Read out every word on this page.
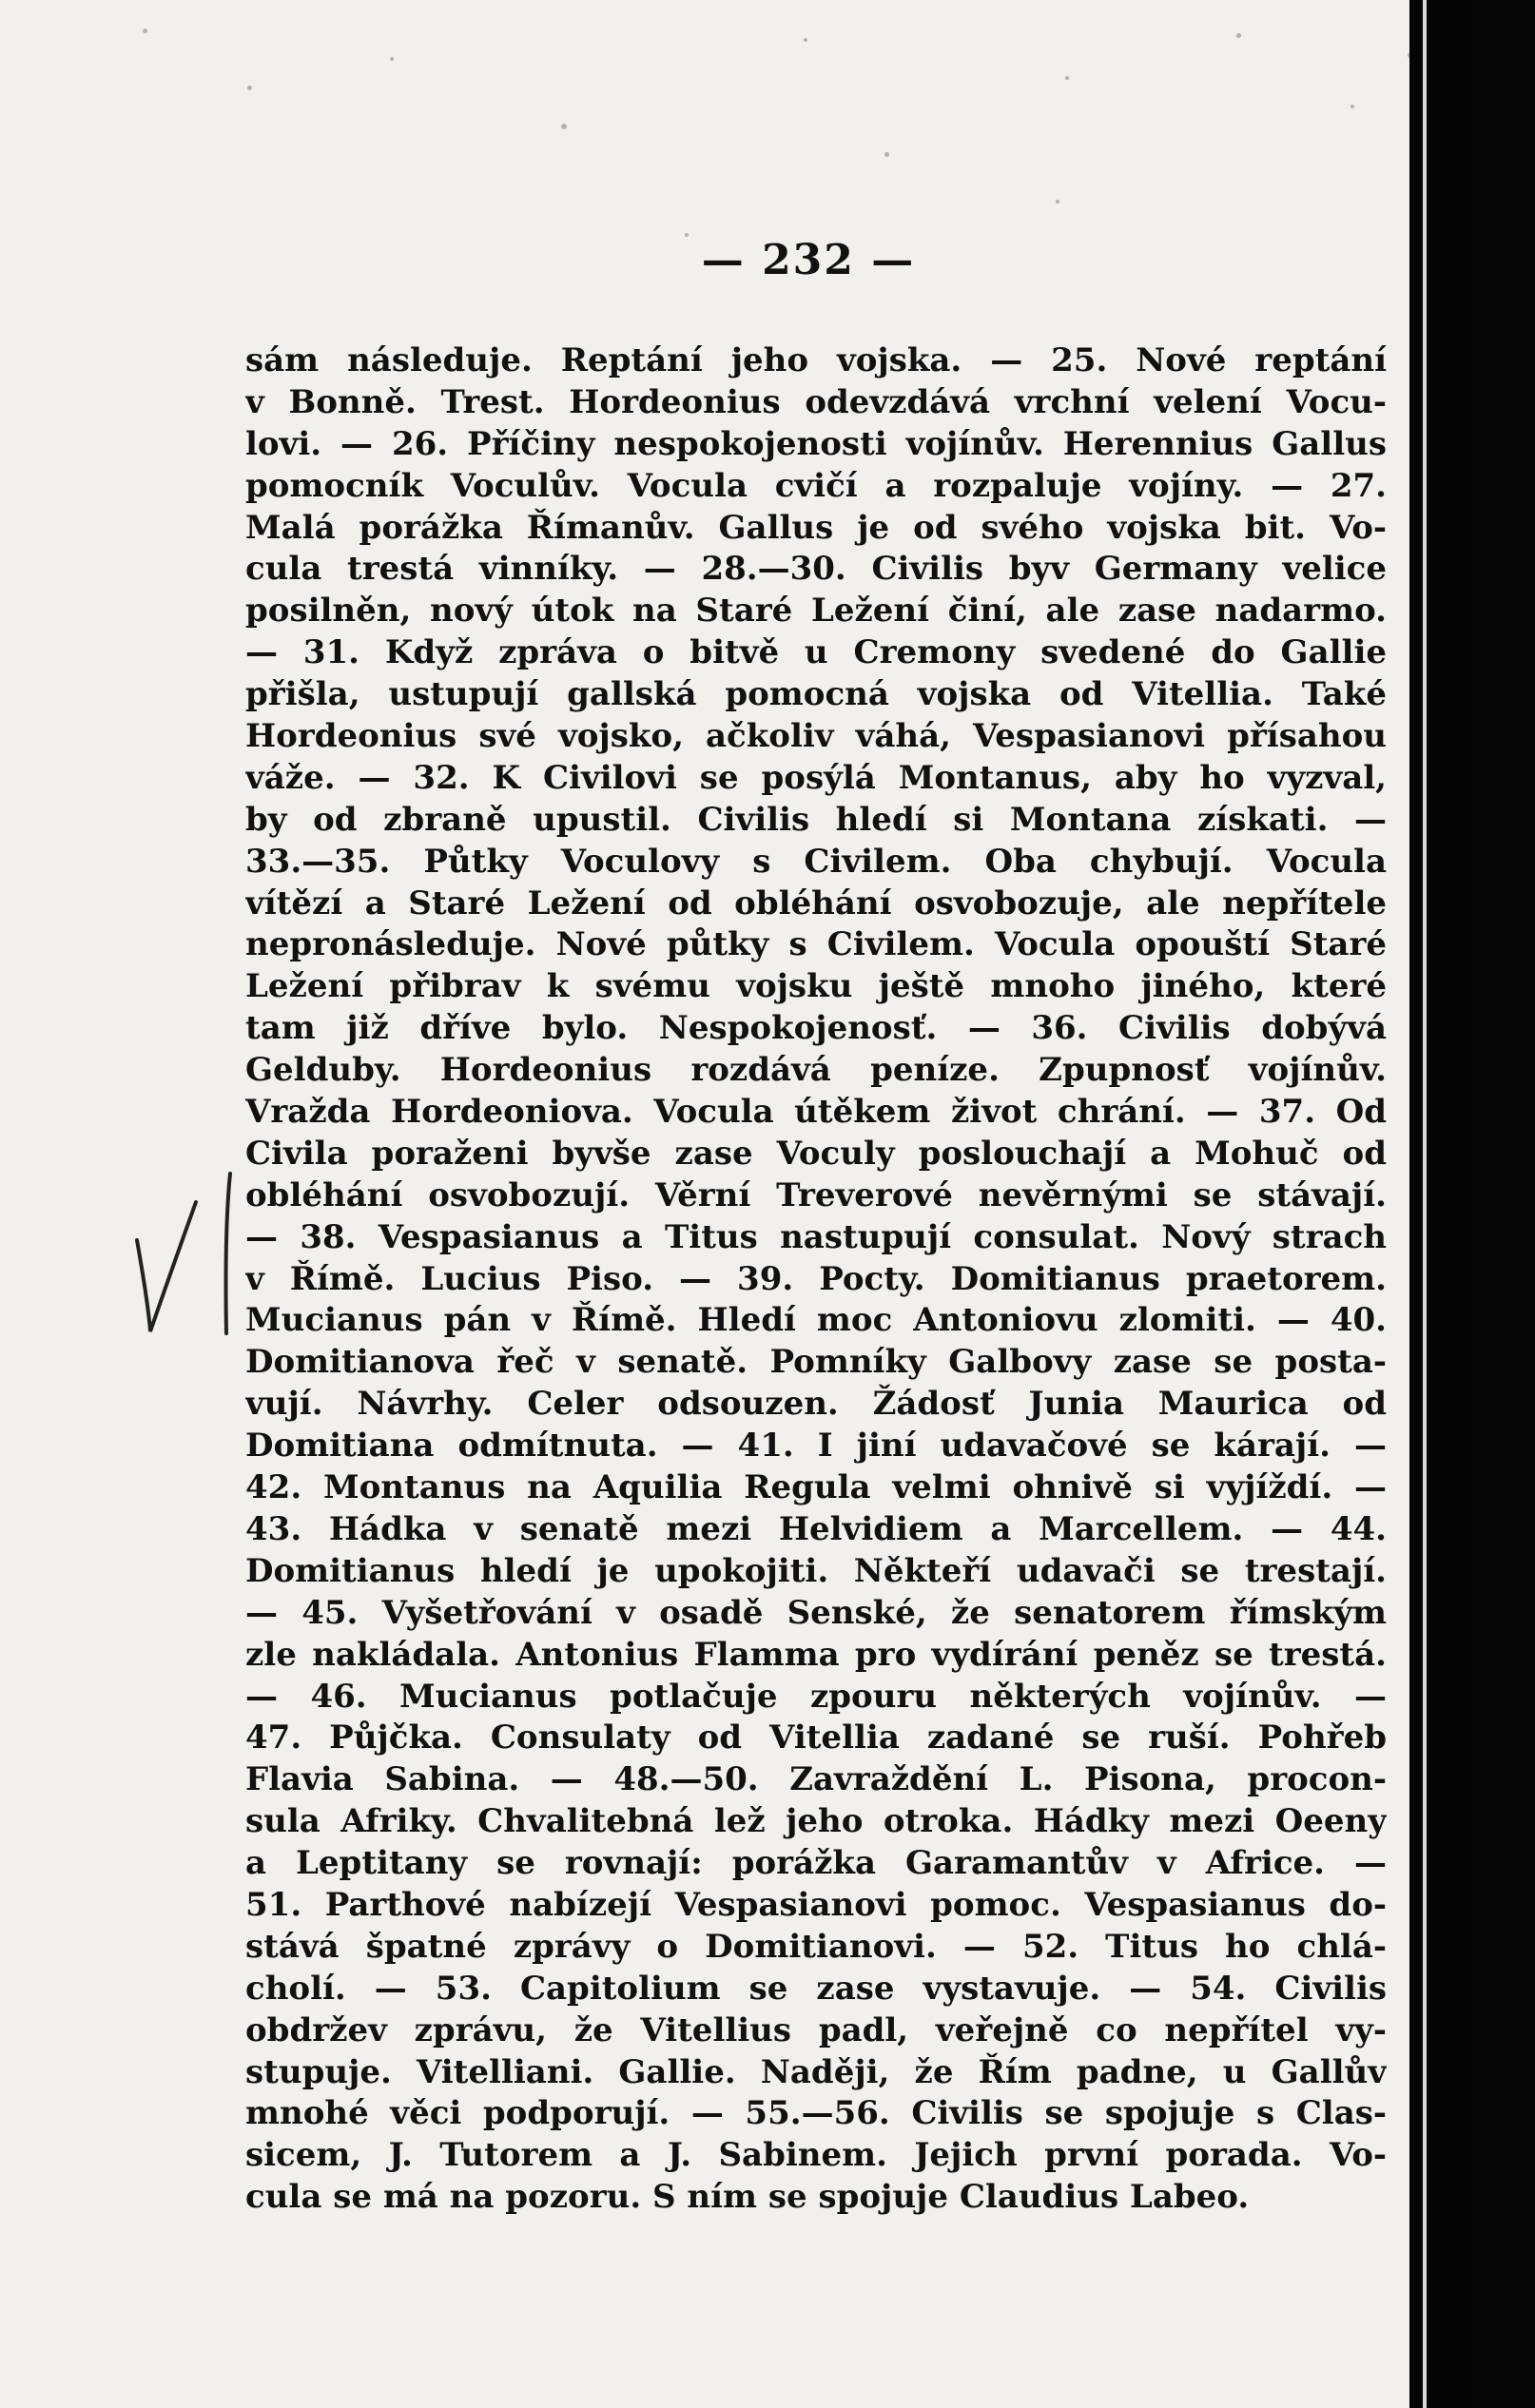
— 232 —
sám následuje. Reptání jeho vojska. — 25. Nové reptání
v Bonně. Trest. Hordeonius odevzdává vrchní velení Vocu-
lovi. — 26. Příčiny nespokojenosti vojínův. Herennius Gallus
pomocník Voculův. Vocula cvičí a rozpaluje vojíny. — 27.
Malá porážka Římanův. Gallus je od svého vojska bit. Vo-
cula trestá vinníky. — 28.—30. Civilis byv Germany velice
posilněn, nový útok na Staré Ležení činí, ale zase nadarmo.
— 31. Když zpráva o bitvě u Cremony svedené do Gallie
přišla, ustupují gallská pomocná vojska od Vitellia. Také
Hordeonius své vojsko, ačkoliv váhá, Vespasianovi přísahou
váže. — 32. K Civilovi se posýlá Montanus, aby ho vyzval,
by od zbraně upustil. Civilis hledí si Montana získati. —
33.—35. Půtky Voculovy s Civilem. Oba chybují. Vocula
vítězí a Staré Ležení od obléhání osvobozuje, ale nepřítele
nepronásleduje. Nové půtky s Civilem. Vocula opouští Staré
Ležení přibrav k svému vojsku ještě mnoho jiného, které
tam již dříve bylo. Nespokojenosť. — 36. Civilis dobývá
Gelduby. Hordeonius rozdává peníze. Zpupnosť vojínův.
Vražda Hordeoniova. Vocula útěkem život chrání. — 37. Od
Civila poraženi byvše zase Voculy poslouchají a Mohuč od
obléhání osvobozují. Věrní Treverové nevěrnými se stávají.
— 38. Vespasianus a Titus nastupují consulat. Nový strach
v Římě. Lucius Piso. — 39. Pocty. Domitianus praetorem.
Mucianus pán v Římě. Hledí moc Antoniovu zlomiti. — 40.
Domitianova řeč v senatě. Pomníky Galbovy zase se posta-
vují. Návrhy. Celer odsouzen. Žádosť Junia Maurica od
Domitiana odmítnuta. — 41. I jiní udavačové se kárají. —
42. Montanus na Aquilia Regula velmi ohnivě si vyjíždí. —
43. Hádka v senatě mezi Helvidiem a Marcellem. — 44.
Domitianus hledí je upokojiti. Někteří udavači se trestají.
— 45. Vyšetřování v osadě Senské, že senatorem římským
zle nakládala. Antonius Flamma pro vydírání peněz se trestá.
— 46. Mucianus potlačuje zpouru některých vojínův. —
47. Půjčka. Consulaty od Vitellia zadané se ruší. Pohřeb
Flavia Sabina. — 48.—50. Zavraždění L. Pisona, procon-
sula Afriky. Chvalitebná lež jeho otroka. Hádky mezi Oeeny
a Leptitany se rovnají: porážka Garamantův v Africe. —
51. Parthové nabízejí Vespasianovi pomoc. Vespasianus do-
stává špatné zprávy o Domitianovi. — 52. Titus ho chlá-
cholí. — 53. Capitolium se zase vystavuje. — 54. Civilis
obdržev zprávu, že Vitellius padl, veřejně co nepřítel vy-
stupuje. Vitelliani. Gallie. Naději, že Řím padne, u Gallův
mnohé věci podporují. — 55.—56. Civilis se spojuje s Clas-
sicem, J. Tutorem a J. Sabinem. Jejich první porada. Vo-
cula se má na pozoru. S ním se spojuje Claudius Labeo.
